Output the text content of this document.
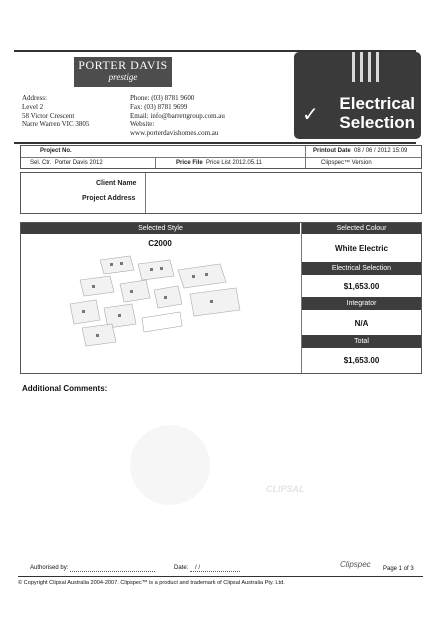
PORTER DAVIS
prestige
Address:
Level 2
58 Victor Crescent
Narre Warren VIC 3805
Phone: (03) 8781 9600
Fax: (03) 8781 9699
Email: info@barrettgroup.com.au
Website:
www.porterdavishomes.com.au
✓
Electrical
Selection
Project No.	Printout Date 08 / 06 / 2012 15:09
Sel. Ctr. Porter Davis 2012	Price File Price List 2012.05.11	Clipspec™ Version
Client Name
Project Address
Selected Style	Selected Colour
C2000
White Electric
Electrical Selection
$1,653.00
Integrator
N/A
Total
$1,653.00
Additional Comments:
CLIPSAL
Authorised by:	Date: / /	Clipspec Page 1 of 3
© Copyright Clipsal Australia 2004-2007. Clipspec™ is a product and trademark of Clipsal Australia Pty. Ltd.
